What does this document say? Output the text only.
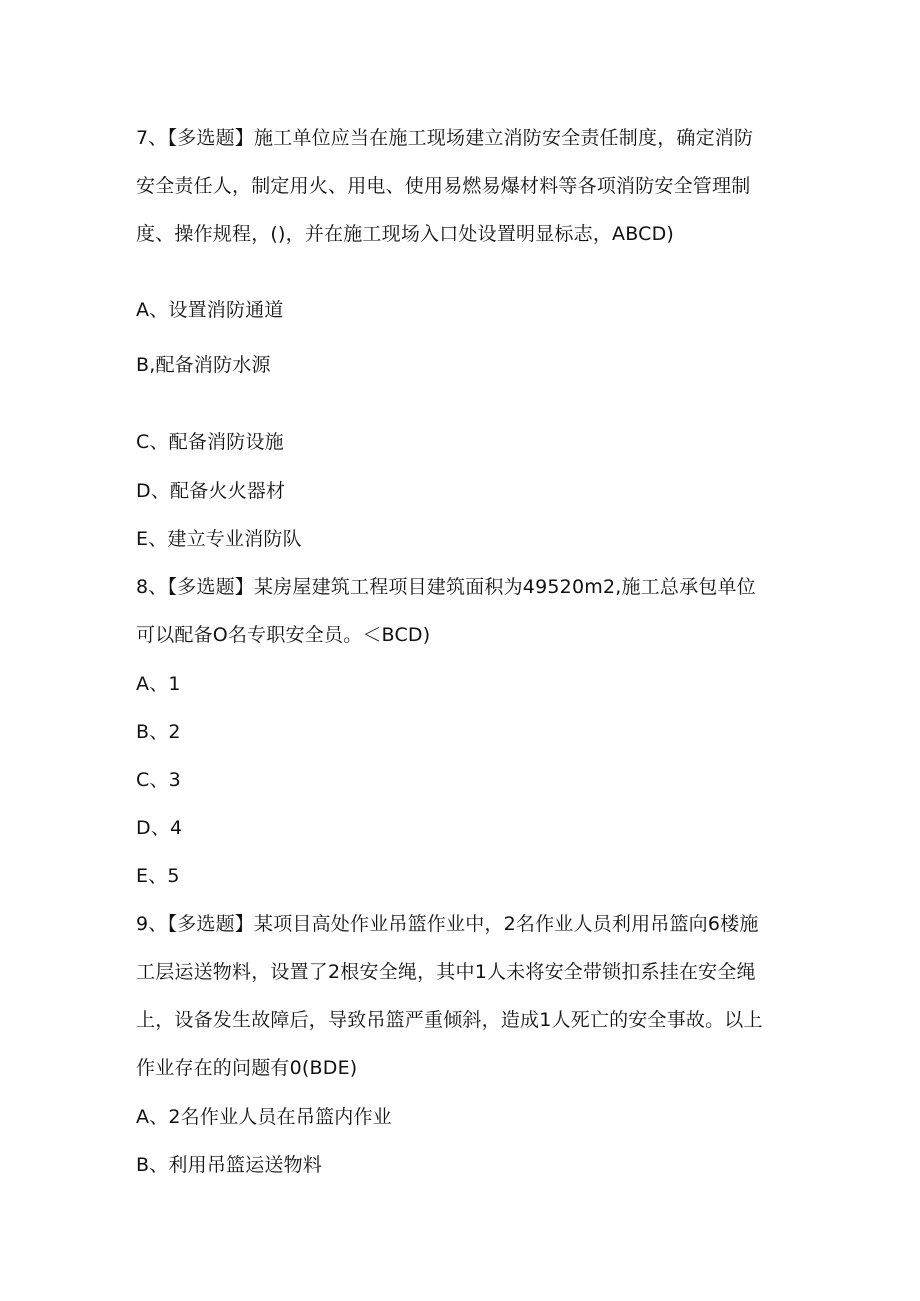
7、【多选题】施工单位应当在施工现场建立消防安全责任制度，确定消防
安全责任人，制定用火、用电、使用易燃易爆材料等各项消防安全管理制
度、操作规程，()，并在施工现场入口处设置明显标志，ABCD)
A、设置消防通道
B,配备消防水源
C、配备消防设施
D、配备火火器材
E、建立专业消防队
8、【多选题】某房屋建筑工程项目建筑面积为49520m2,施工总承包单位
可以配备O名专职安全员。＜BCD)
A、1
B、2
C、3
D、4
E、5
9、【多选题】某项目高处作业吊篮作业中，2名作业人员利用吊篮向6楼施
工层运送物料，设置了2根安全绳，其中1人未将安全带锁扣系挂在安全绳
上，设备发生故障后，导致吊篮严重倾斜，造成1人死亡的安全事故。以上
作业存在的问题有0(BDE)
A、2名作业人员在吊篮内作业
B、利用吊篮运送物料
